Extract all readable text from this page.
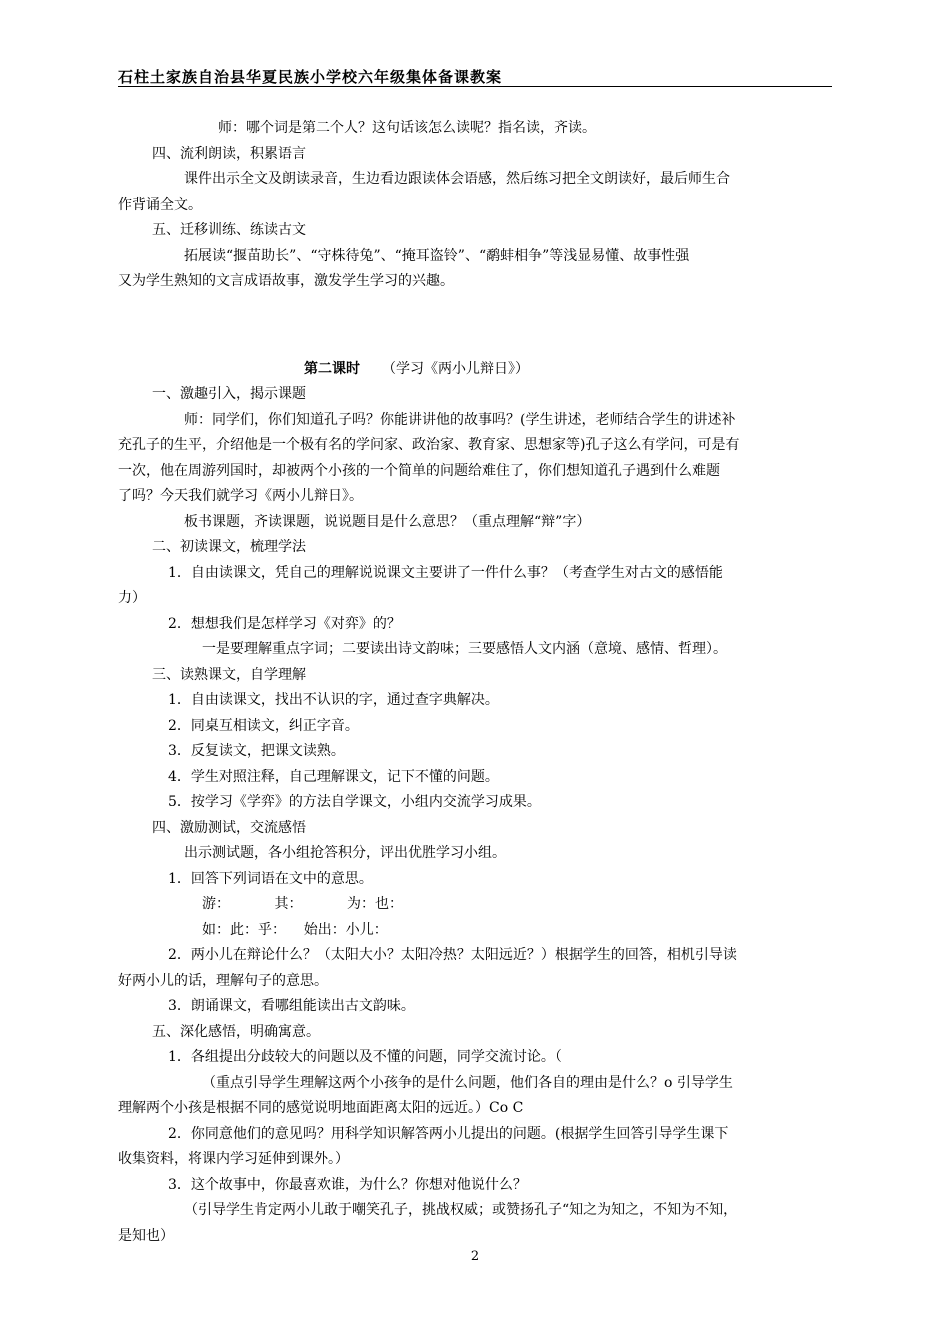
石柱土家族自治县华夏民族小学校六年级集体备课教案
师：哪个词是第二个人？这句话该怎么读呢？指名读，齐读。
四、流利朗读，积累语言
课件出示全文及朗读录音，生边看边跟读体会语感，然后练习把全文朗读好，最后师生合
作背诵全文。
五、迁移训练、练读古文
拓展读“揠苗助长”、“守株待兔”、“掩耳盗铃”、“鹬蚌相争”等浅显易懂、故事性强
又为学生熟知的文言成语故事，激发学生学习的兴趣。
第二课时 （学习《两小儿辩日》）
一、激趣引入，揭示课题
师：同学们，你们知道孔子吗？你能讲讲他的故事吗？(学生讲述，老师结合学生的讲述补
充孔子的生平，介绍他是一个极有名的学问家、政治家、教育家、思想家等)孔子这么有学问，可是有
一次，他在周游列国时，却被两个小孩的一个简单的问题给难住了，你们想知道孔子遇到什么难题
了吗？今天我们就学习《两小儿辩日》。
板书课题，齐读课题，说说题目是什么意思？（重点理解“辩”字）
二、初读课文，梳理学法
1．自由读课文，凭自己的理解说说课文主要讲了一件什么事？（考查学生对古文的感悟能
力）
2．想想我们是怎样学习《对弈》的？
一是要理解重点字词；二要读出诗文韵味；三要感悟人文内涵（意境、感情、哲理）。
三、读熟课文，自学理解
1．自由读课文，找出不认识的字，通过查字典解决。
2．同桌互相读文，纠正字音。
3．反复读文，把课文读熟。
4．学生对照注释，自己理解课文，记下不懂的问题。
5．按学习《学弈》的方法自学课文，小组内交流学习成果。
四、激励测试，交流感悟
出示测试题，各小组抢答积分，评出优胜学习小组。
1．回答下列词语在文中的意思。
游：          其：          为：也：
如：此：乎：    始出：小儿：
2．两小儿在辩论什么？（太阳大小？太阳冷热？太阳远近？）根据学生的回答，相机引导读
好两小儿的话，理解句子的意思。
3．朗诵课文，看哪组能读出古文韵味。
五、深化感悟，明确寓意。
1．各组提出分歧较大的问题以及不懂的问题，同学交流讨论。（
（重点引导学生理解这两个小孩争的是什么问题，他们各自的理由是什么？o 引导学生
理解两个小孩是根据不同的感觉说明地面距离太阳的远近。）Co C
2．你同意他们的意见吗？用科学知识解答两小儿提出的问题。(根据学生回答引导学生课下
收集资料，将课内学习延伸到课外。）
3．这个故事中，你最喜欢谁，为什么？你想对他说什么？
（引导学生肯定两小儿敢于嘲笑孔子，挑战权威；或赞扬孔子“知之为知之，不知为不知，
是知也）
2
